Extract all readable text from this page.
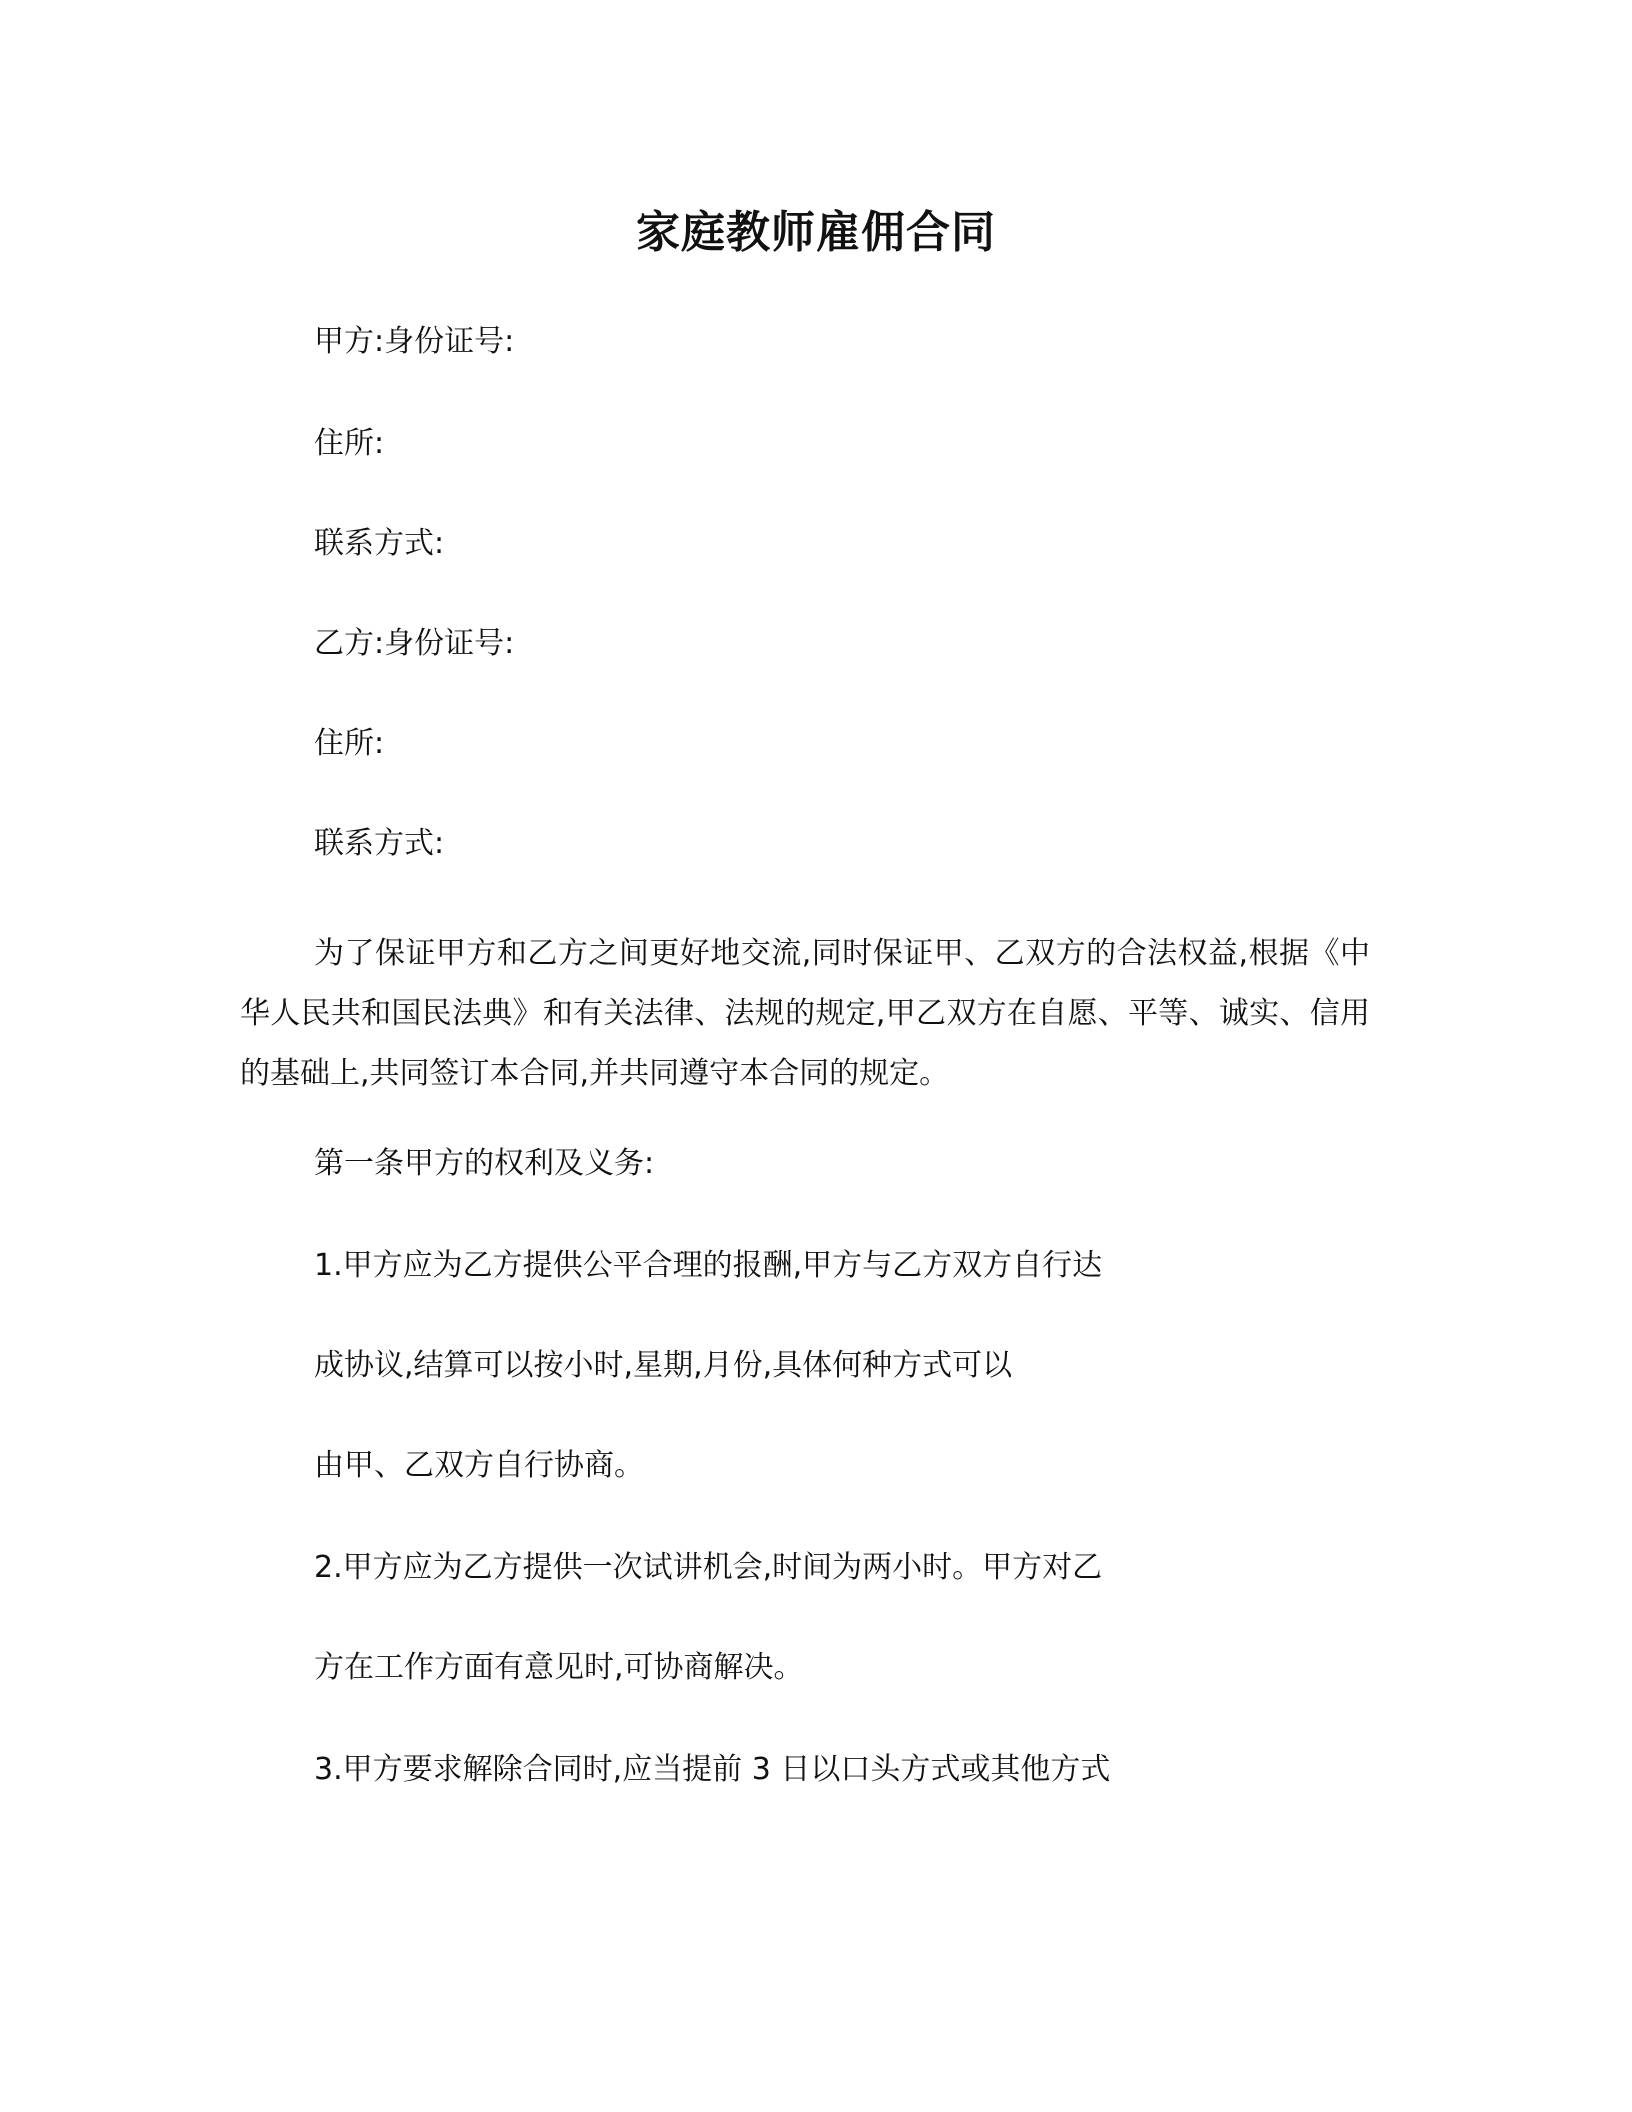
家庭教师雇佣合同
甲方:身份证号:
住所:
联系方式:
乙方:身份证号:
住所:
联系方式:
为了保证甲方和乙方之间更好地交流,同时保证甲、乙双方的合法权益,根据《中华人民共和国民法典》和有关法律、法规的规定,甲乙双方在自愿、平等、诚实、信用的基础上,共同签订本合同,并共同遵守本合同的规定。
第一条甲方的权利及义务:
1.甲方应为乙方提供公平合理的报酬,甲方与乙方双方自行达
成协议,结算可以按小时,星期,月份,具体何种方式可以
由甲、乙双方自行协商。
2.甲方应为乙方提供一次试讲机会,时间为两小时。甲方对乙
方在工作方面有意见时,可协商解决。
3.甲方要求解除合同时,应当提前 3 日以口头方式或其他方式
